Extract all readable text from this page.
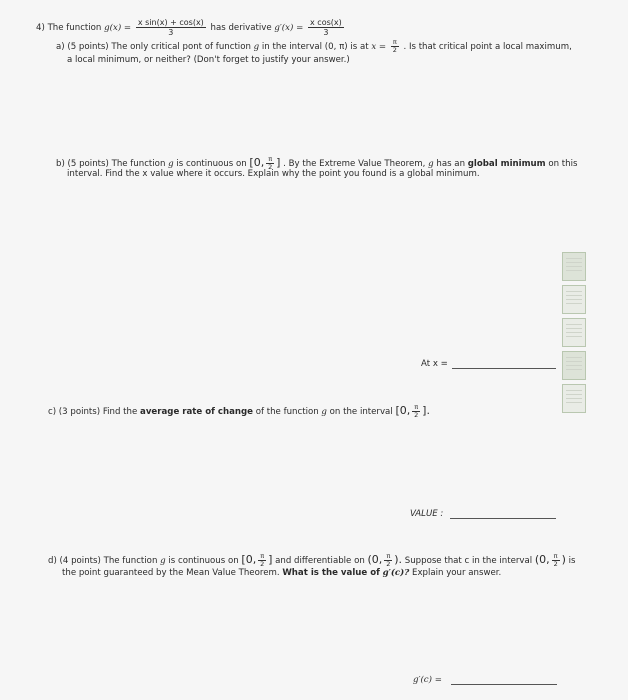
4) The function $g(x) = \frac{\text{x sin(x) + cos(x)}}{3}$ has derivative $g'(x) = \frac{\text{x cos(x)}}{3}$
a) (5 points) The only critical pont of function g in the interval (0, π) is at $x = \frac{\pi}{2}$ . Is that critical point a local maximum,
a local minimum, or neither? (Don't forget to justify your answer.)
b) (5 points) The function g is continuous on [0, $\frac{\pi}{2}$ ] . By the Extreme Value Theorem, g has an global minimum on this
interval. Find the x value where it occurs. Explain why the point you found is a global minimum.
At x =
c) (3 points) Find the average rate of change of the function g on the interval [0, $\frac{\pi}{2}$ ].
VALUE :
d) (4 points) The function g is continuous on [0, $\frac{\pi}{2}$ ] and differentiable on (0, $\frac{\pi}{2}$ ). Suppose that c in the interval (0, $\frac{\pi}{2}$ ) is
the point guaranteed by the Mean Value Theorem. What is the value of g′(c)? Explain your answer.
g′(c) =
